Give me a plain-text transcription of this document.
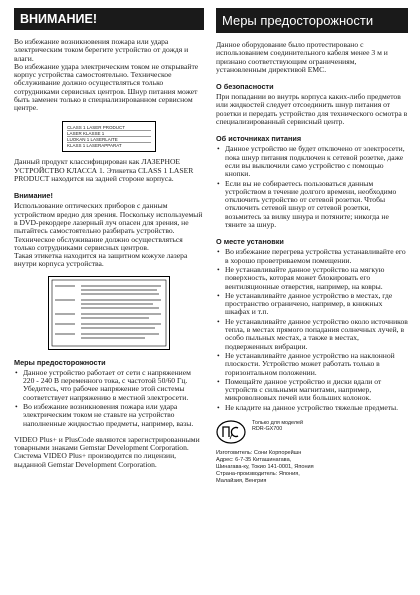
ВНИМАНИЕ!

Во избежание возникновения пожара или удара электрическим током берегите устройство от дождя и влаги.

Во избежание удара электрическим током не открывайте корпус устройства самостоятельно. Техническое обслуживание должно осуществляться только сотрудниками сервисных центров. Шнур питания может быть заменен только в специализированном сервисном центре.

CLASS 1 LASER PRODUCT
LASER KLASSE 1
LUOKAN 1 LASERLAITE
KLASS 1 LASERAPPARAT

Данный продукт классифицирован как ЛАЗЕРНОЕ УСТРОЙСТВО КЛАССА 1. Этикетка CLASS 1 LASER PRODUCT находится на задней стороне корпуса.

Внимание!

Использование оптических приборов с данным устройством вредно для зрения. Поскольку используемый в DVD-рекордере лазерный луч опасен для зрения, не пытайтесь самостоятельно разбирать устройство. Техническое обслуживание должно осуществляться только сотрудниками сервисных центров.

Такая этикетка находится на защитном кожухе лазера внутри корпуса устройства.

Меры предосторожности
• Данное устройство работает от сети с напряжением 220 - 240 В переменного тока, с частотой 50/60 Гц. Убедитесь, что рабочее напряжение этой системы соответствует напряжению в местной электросети.
• Во избежание возникновения пожара или удара электрическим током не ставьте на устройство наполненные жидкостью предметы, например, вазы.

VIDEO Plus+ и PlusCode являются зарегистрированными товарными знаками Gemstar Development Corporation. Система VIDEO Plus+ производится по лицензии, выданной Gemstar Development Corporation.

Меры предосторожности

Данное оборудование было протестировано с использованием соединительного кабеля менее 3 м и признано соответствующим ограничениям, установленным директивой EMC.

О безопасности

При попадании во внутрь корпуса каких-либо предметов или жидкостей следует отсоединить шнур питания от розетки и передать устройство для технического осмотра в специализированный сервисный центр.

Об источниках питания
• Данное устройство не будет отключено от электросети, пока шнур питания подключен к сетевой розетке, даже если вы выключили само устройство с помощью кнопки.
• Если вы не собираетесь пользоваться данным устройством в течение долгого времени, необходимо отключить устройство от сетевой розетки. Чтобы отключить сетевой шнур от сетевой розетки, возьмитесь за вилку шнура и потяните; никогда не тяните за шнур.
О месте установки
• Во избежание перегрева устройства устанавливайте его в хорошо проветриваемом помещении.
• Не устанавливайте данное устройство на мягкую поверхность, которая может блокировать его вентиляционные отверстия, например, на ковры.
• Не устанавливайте данное устройство в местах, где пространство ограничено, например, в книжных шкафах и т.п.
• Не устанавливайте данное устройство около источников тепла, в местах прямого попадания солнечных лучей, в особо пыльных местах, а также в местах, подверженных вибрации.
• Не устанавливайте данное устройство на наклонной плоскости. Устройство может работать только в горизонтальном положении.
• Помещайте данное устройство и диски вдали от устройств с сильными магнитами, например, микроволновых печей или больших колонок.
• Не кладите на данное устройство тяжелые предметы.
Только для моделей
RDR-GX700
Изготовитель: Сони Корпорейшн
Адрес: 6-7-35 Киташинагава,
Шинагава-ку, Токио 141-0001, Япония
Страна-производитель: Япония,
Малайзия, Венгрия
